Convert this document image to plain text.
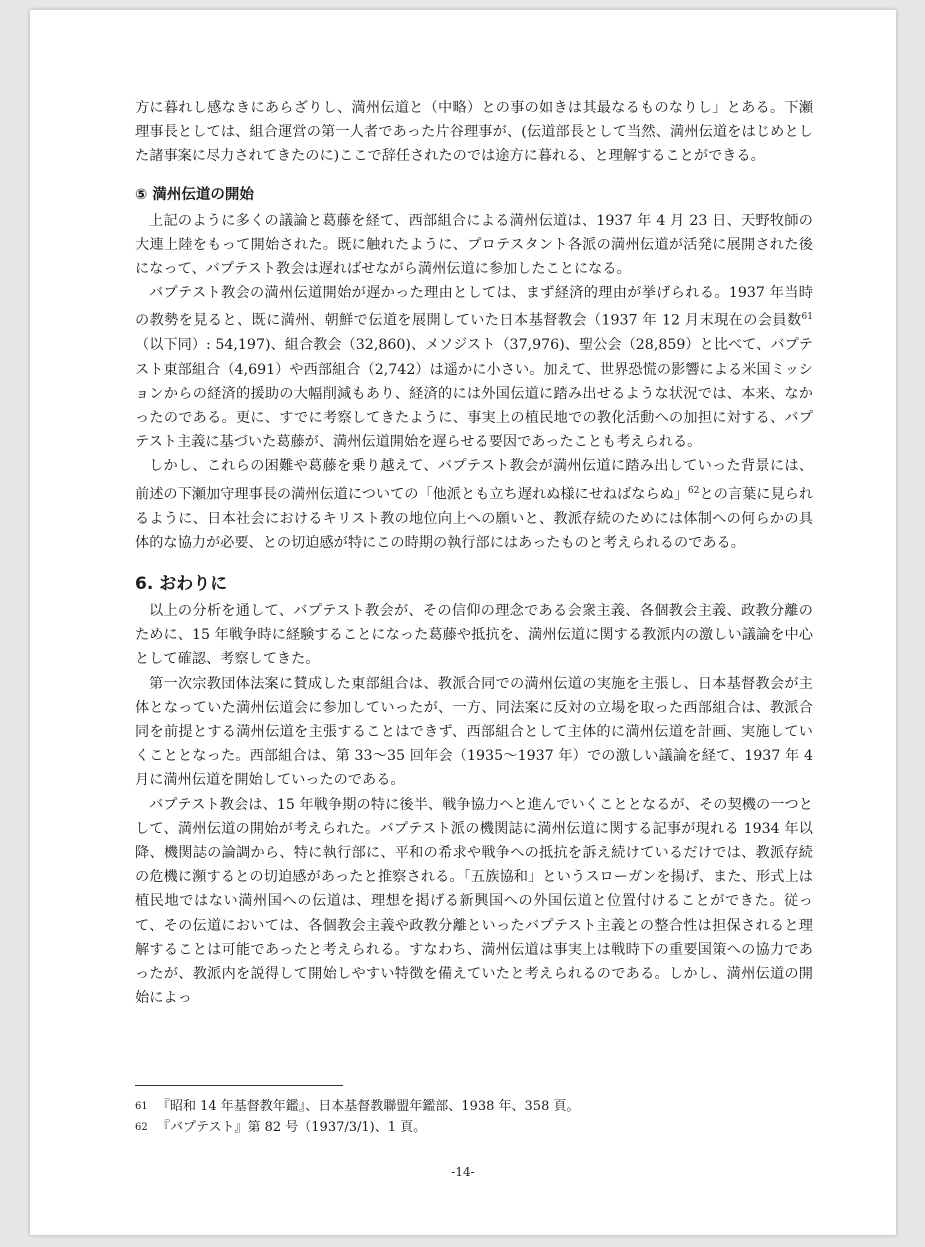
方に暮れし感なきにあらざりし、満州伝道と（中略）との事の如きは其最なるものなりし」とある。下瀬理事長としては、組合運営の第一人者であった片谷理事が、(伝道部長として当然、満州伝道をはじめとした諸事案に尽力されてきたのに)ここで辞任されたのでは途方に暮れる、と理解することができる。

⑤ 満州伝道の開始

上記のように多くの議論と葛藤を経て、西部組合による満州伝道は、1937 年 4 月 23 日、天野牧師の大連上陸をもって開始された。既に触れたように、プロテスタント各派の満州伝道が活発に展開された後になって、バプテスト教会は遅ればせながら満州伝道に参加したことになる。

バプテスト教会の満州伝道開始が遅かった理由としては、まず経済的理由が挙げられる。1937 年当時の教勢を見ると、既に満州、朝鮮で伝道を展開していた日本基督教会（1937 年 12 月末現在の会員数$^{61}$（以下同）: 54,197)、組合教会（32,860)、メソジスト（37,976)、聖公会（28,859）と比べて、バプテスト東部組合（4,691）や西部組合（2,742）は遥かに小さい。加えて、世界恐慌の影響による米国ミッションからの経済的援助の大幅削減もあり、経済的には外国伝道に踏み出せるような状況では、本来、なかったのである。更に、すでに考察してきたように、事実上の植民地での教化活動への加担に対する、バプテスト主義に基づいた葛藤が、満州伝道開始を遅らせる要因であったことも考えられる。

しかし、これらの困難や葛藤を乗り越えて、バプテスト教会が満州伝道に踏み出していった背景には、前述の下瀬加守理事長の満州伝道についての「他派とも立ち遅れぬ様にせねばならぬ」$^{62}$との言葉に見られるように、日本社会におけるキリスト教の地位向上への願いと、教派存続のためには体制への何らかの具体的な協力が必要、との切迫感が特にこの時期の執行部にはあったものと考えられるのである。

6. おわりに

以上の分析を通して、バプテスト教会が、その信仰の理念である会衆主義、各個教会主義、政教分離のために、15 年戦争時に経験することになった葛藤や抵抗を、満州伝道に関する教派内の激しい議論を中心として確認、考察してきた。

第一次宗教団体法案に賛成した東部組合は、教派合同での満州伝道の実施を主張し、日本基督教会が主体となっていた満州伝道会に参加していったが、一方、同法案に反対の立場を取った西部組合は、教派合同を前提とする満州伝道を主張することはできず、西部組合として主体的に満州伝道を計画、実施していくこととなった。西部組合は、第 33～35 回年会（1935～1937 年）での激しい議論を経て、1937 年 4 月に満州伝道を開始していったのである。

バプテスト教会は、15 年戦争期の特に後半、戦争協力へと進んでいくこととなるが、その契機の一つとして、満州伝道の開始が考えられた。バプテスト派の機関誌に満州伝道に関する記事が現れる 1934 年以降、機関誌の論調から、特に執行部に、平和の希求や戦争への抵抗を訴え続けているだけでは、教派存続の危機に瀕するとの切迫感があったと推察される。「五族協和」というスローガンを揚げ、また、形式上は植民地ではない満州国への伝道は、理想を掲げる新興国への外国伝道と位置付けることができた。従って、その伝道においては、各個教会主義や政教分離といったバプテスト主義との整合性は担保されると理解することは可能であったと考えられる。すなわち、満州伝道は事実上は戦時下の重要国策への協力であったが、教派内を説得して開始しやすい特徴を備えていたと考えられるのである。しかし、満州伝道の開始によっ

61 『昭和 14 年基督教年鑑』、日本基督教聯盟年鑑部、1938 年、358 頁。
62 『バプテスト』第 82 号（1937/3/1)、1 頁。
-14-
